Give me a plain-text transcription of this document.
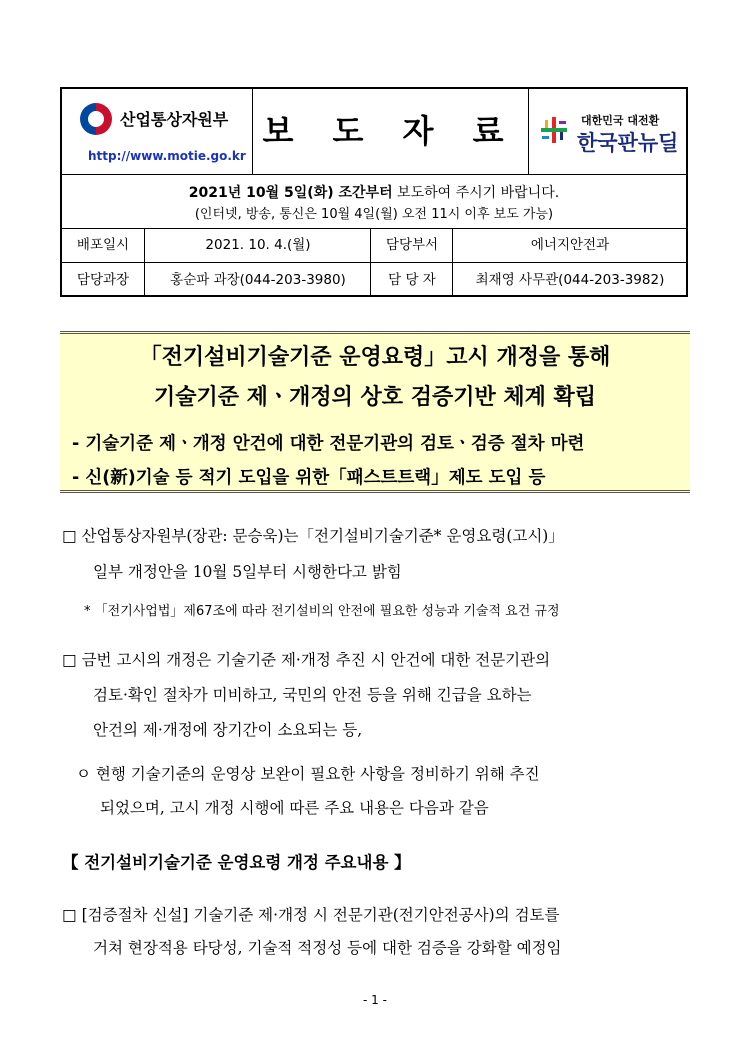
산업통상자원부
http://www.motie.go.kr
보 도 자 료	대한민국 대전환
한국판뉴딜
2021년 10월 5일(화) 조간부터 보도하여 주시기 바랍니다.
(인터넷, 방송, 통신은 10월 4일(월) 오전 11시 이후 보도 가능)
배포일시	2021. 10. 4.(월)	담당부서	에너지안전과
담당과장	홍순파 과장(044-203-3980)	담 당 자	최재영 사무관(044-203-3982)
「전기설비기술기준 운영요령」고시 개정을 통해
기술기준 제ㆍ개정의 상호 검증기반 체계 확립
- 기술기준 제ㆍ개정 안건에 대한 전문기관의 검토ㆍ검증 절차 마련
- 신(新)기술 등 적기 도입을 위한「패스트트랙」제도 도입 등
□ 산업통상자원부(장관: 문승욱)는「전기설비기술기준* 운영요령(고시)」
일부 개정안을 10월 5일부터 시행한다고 밝힘
* 「전기사업법」제67조에 따라 전기설비의 안전에 필요한 성능과 기술적 요건 규정
□ 금번 고시의 개정은 기술기준 제·개정 추진 시 안건에 대한 전문기관의
검토·확인 절차가 미비하고, 국민의 안전 등을 위해 긴급을 요하는
안건의 제·개정에 장기간이 소요되는 등,
ㅇ 현행 기술기준의 운영상 보완이 필요한 사항을 정비하기 위해 추진
되었으며, 고시 개정 시행에 따른 주요 내용은 다음과 같음
【 전기설비기술기준 운영요령 개정 주요내용 】
□ [검증절차 신설] 기술기준 제·개정 시 전문기관(전기안전공사)의 검토를
거쳐 현장적용 타당성, 기술적 적정성 등에 대한 검증을 강화할 예정임
- 1 -
